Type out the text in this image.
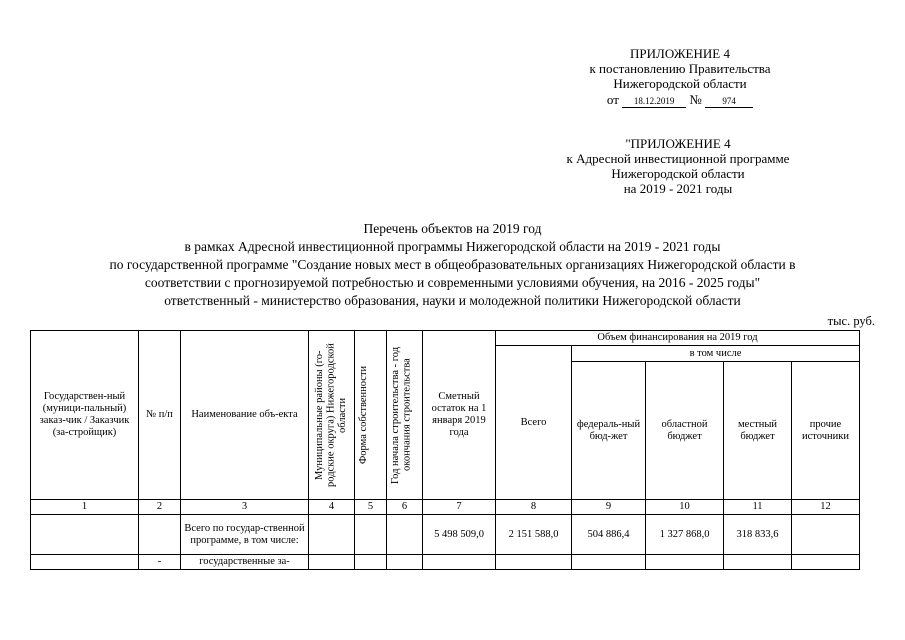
ПРИЛОЖЕНИЕ 4
к постановлению Правительства
Нижегородской области
от 18.12.2019 № 974
"ПРИЛОЖЕНИЕ 4
к Адресной инвестиционной программе
Нижегородской области
на 2019 - 2021 годы
Перечень объектов на 2019 год
в рамках Адресной инвестиционной программы Нижегородской области на 2019 - 2021 годы
по государственной программе "Создание новых мест в общеобразовательных организациях Нижегородской области в
соответствии с прогнозируемой потребностью и современными условиями обучения, на 2016 - 2025 годы"
ответственный - министерство образования, науки и молодежной политики Нижегородской области
тыс. руб.
Государствен-ный (муници-пальный) заказ-чик / Заказчик (за-стройщик)	№ п/п	Наименование объ-екта	Муниципальные районы (го-родские округа) Нижегородской области	Форма собственности	Год начала строительства - год окончания строительства	Сметный остаток на 1 января 2019 года	Объем финансирования на 2019 год				
							Всего	в том числе			
								федераль-ный бюд-жет	областной бюджет	местный бюджет	прочие источники
1	2	3	4	5	6	7	8	9	10	11	12
		Всего по государ-ственной программе, в том числе:				5 498 509,0	2 151 588,0	504 886,4	1 327 868,0	318 833,6	
	-	государственные за-									
